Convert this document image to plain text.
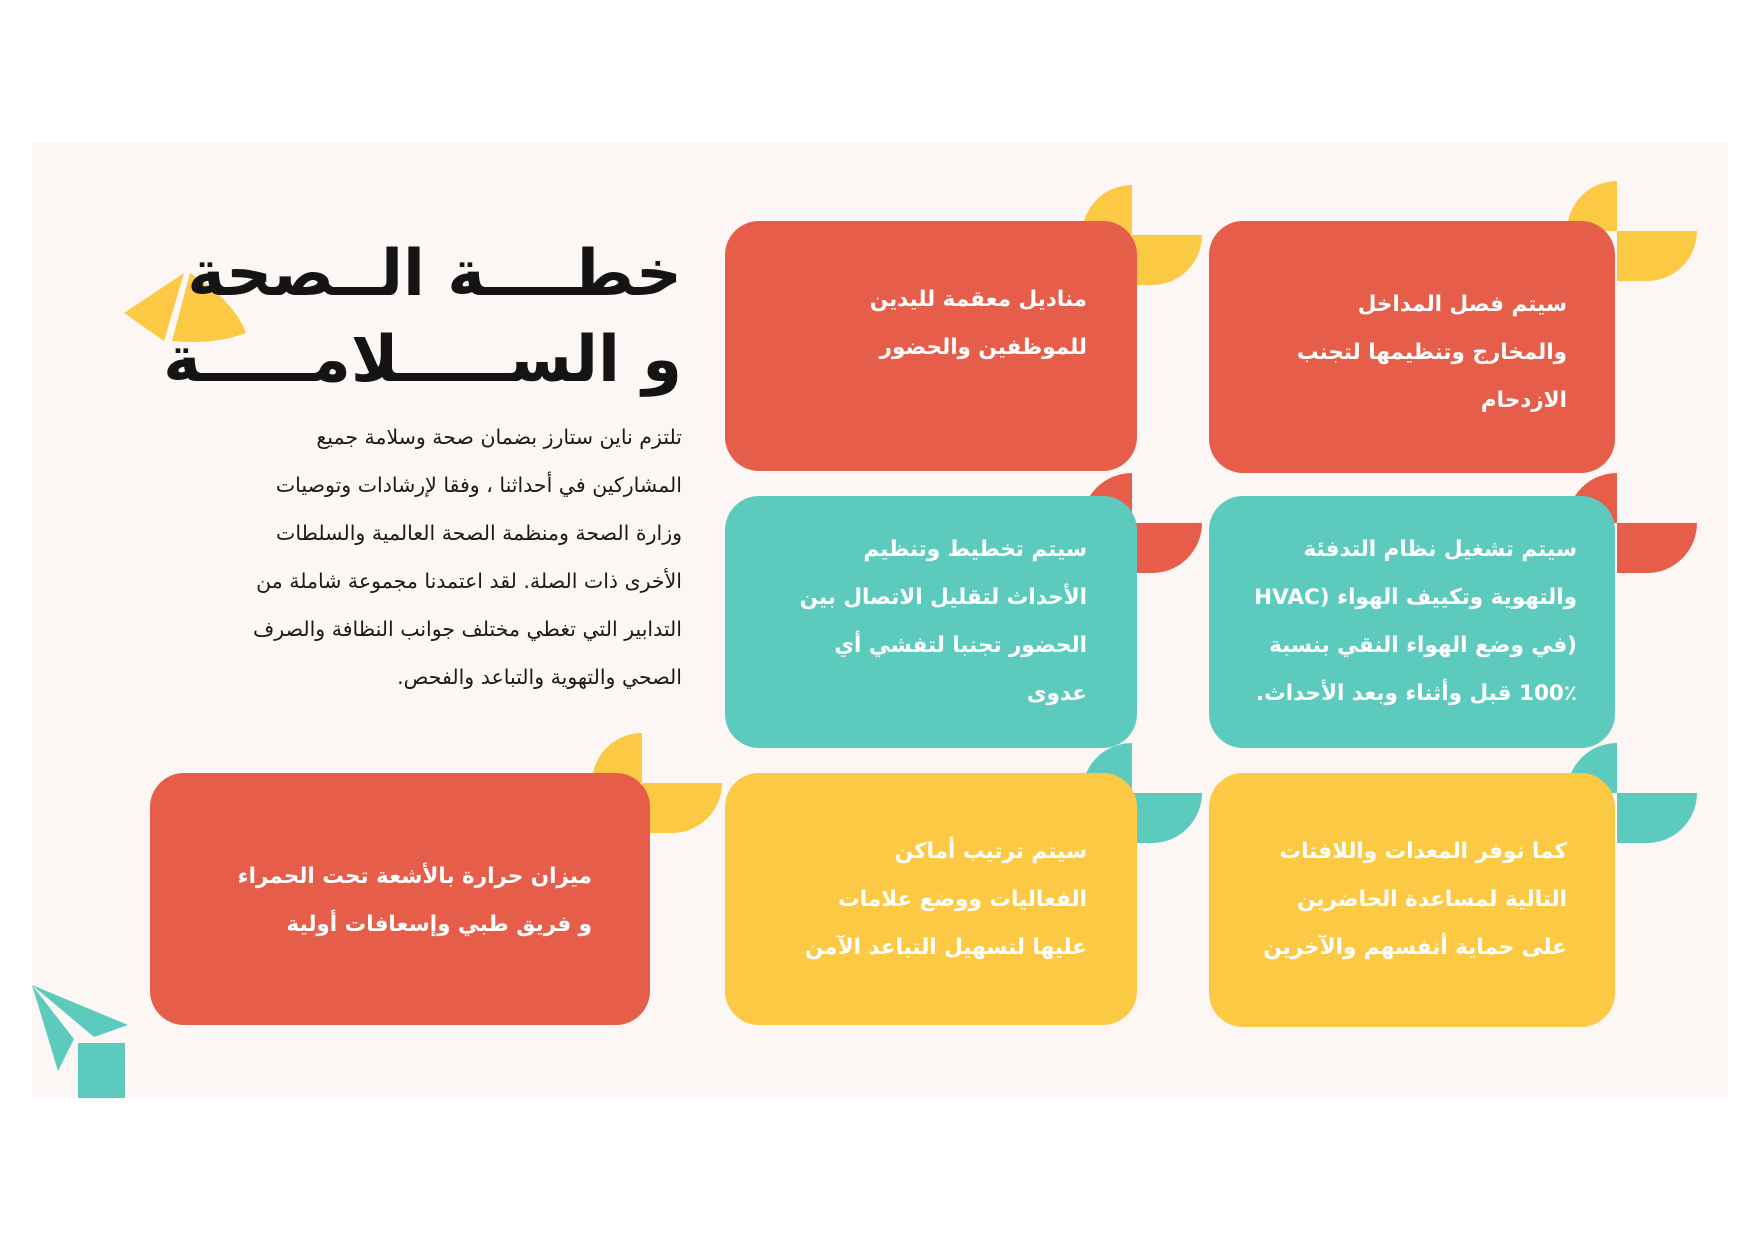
خطــــة الــصحة
و الســـــلامـــــة
تلتزم ناين ستارز بضمان صحة وسلامة جميع
المشاركين في أحداثنا ، وفقا لإرشادات وتوصيات
وزارة الصحة ومنظمة الصحة العالمية والسلطات
الأخرى ذات الصلة. لقد اعتمدنا مجموعة شاملة من
التدابير التي تغطي مختلف جوانب النظافة والصرف
الصحي والتهوية والتباعد والفحص.
مناديل معقمة لليدين
للموظفين والحضور
سيتم فصل المداخل
والمخارج وتنظيمها لتجنب
الازدحام
سيتم تخطيط وتنظيم
الأحداث لتقليل الاتصال بين
الحضور تجنبا لتفشي أي
عدوى
سيتم تشغيل نظام التدفئة
والتهوية وتكييف الهواء (HVAC
(في وضع الهواء النقي بنسبة
100٪ قبل وأثناء وبعد الأحداث.
ميزان حرارة بالأشعة تحت الحمراء
و فريق طبي وإسعافات أولية
سيتم ترتيب أماكن
الفعاليات ووضع علامات
عليها لتسهيل التباعد الآمن
كما نوفر المعدات واللافتات
التالية لمساعدة الحاضرين
على حماية أنفسهم والآخرين
